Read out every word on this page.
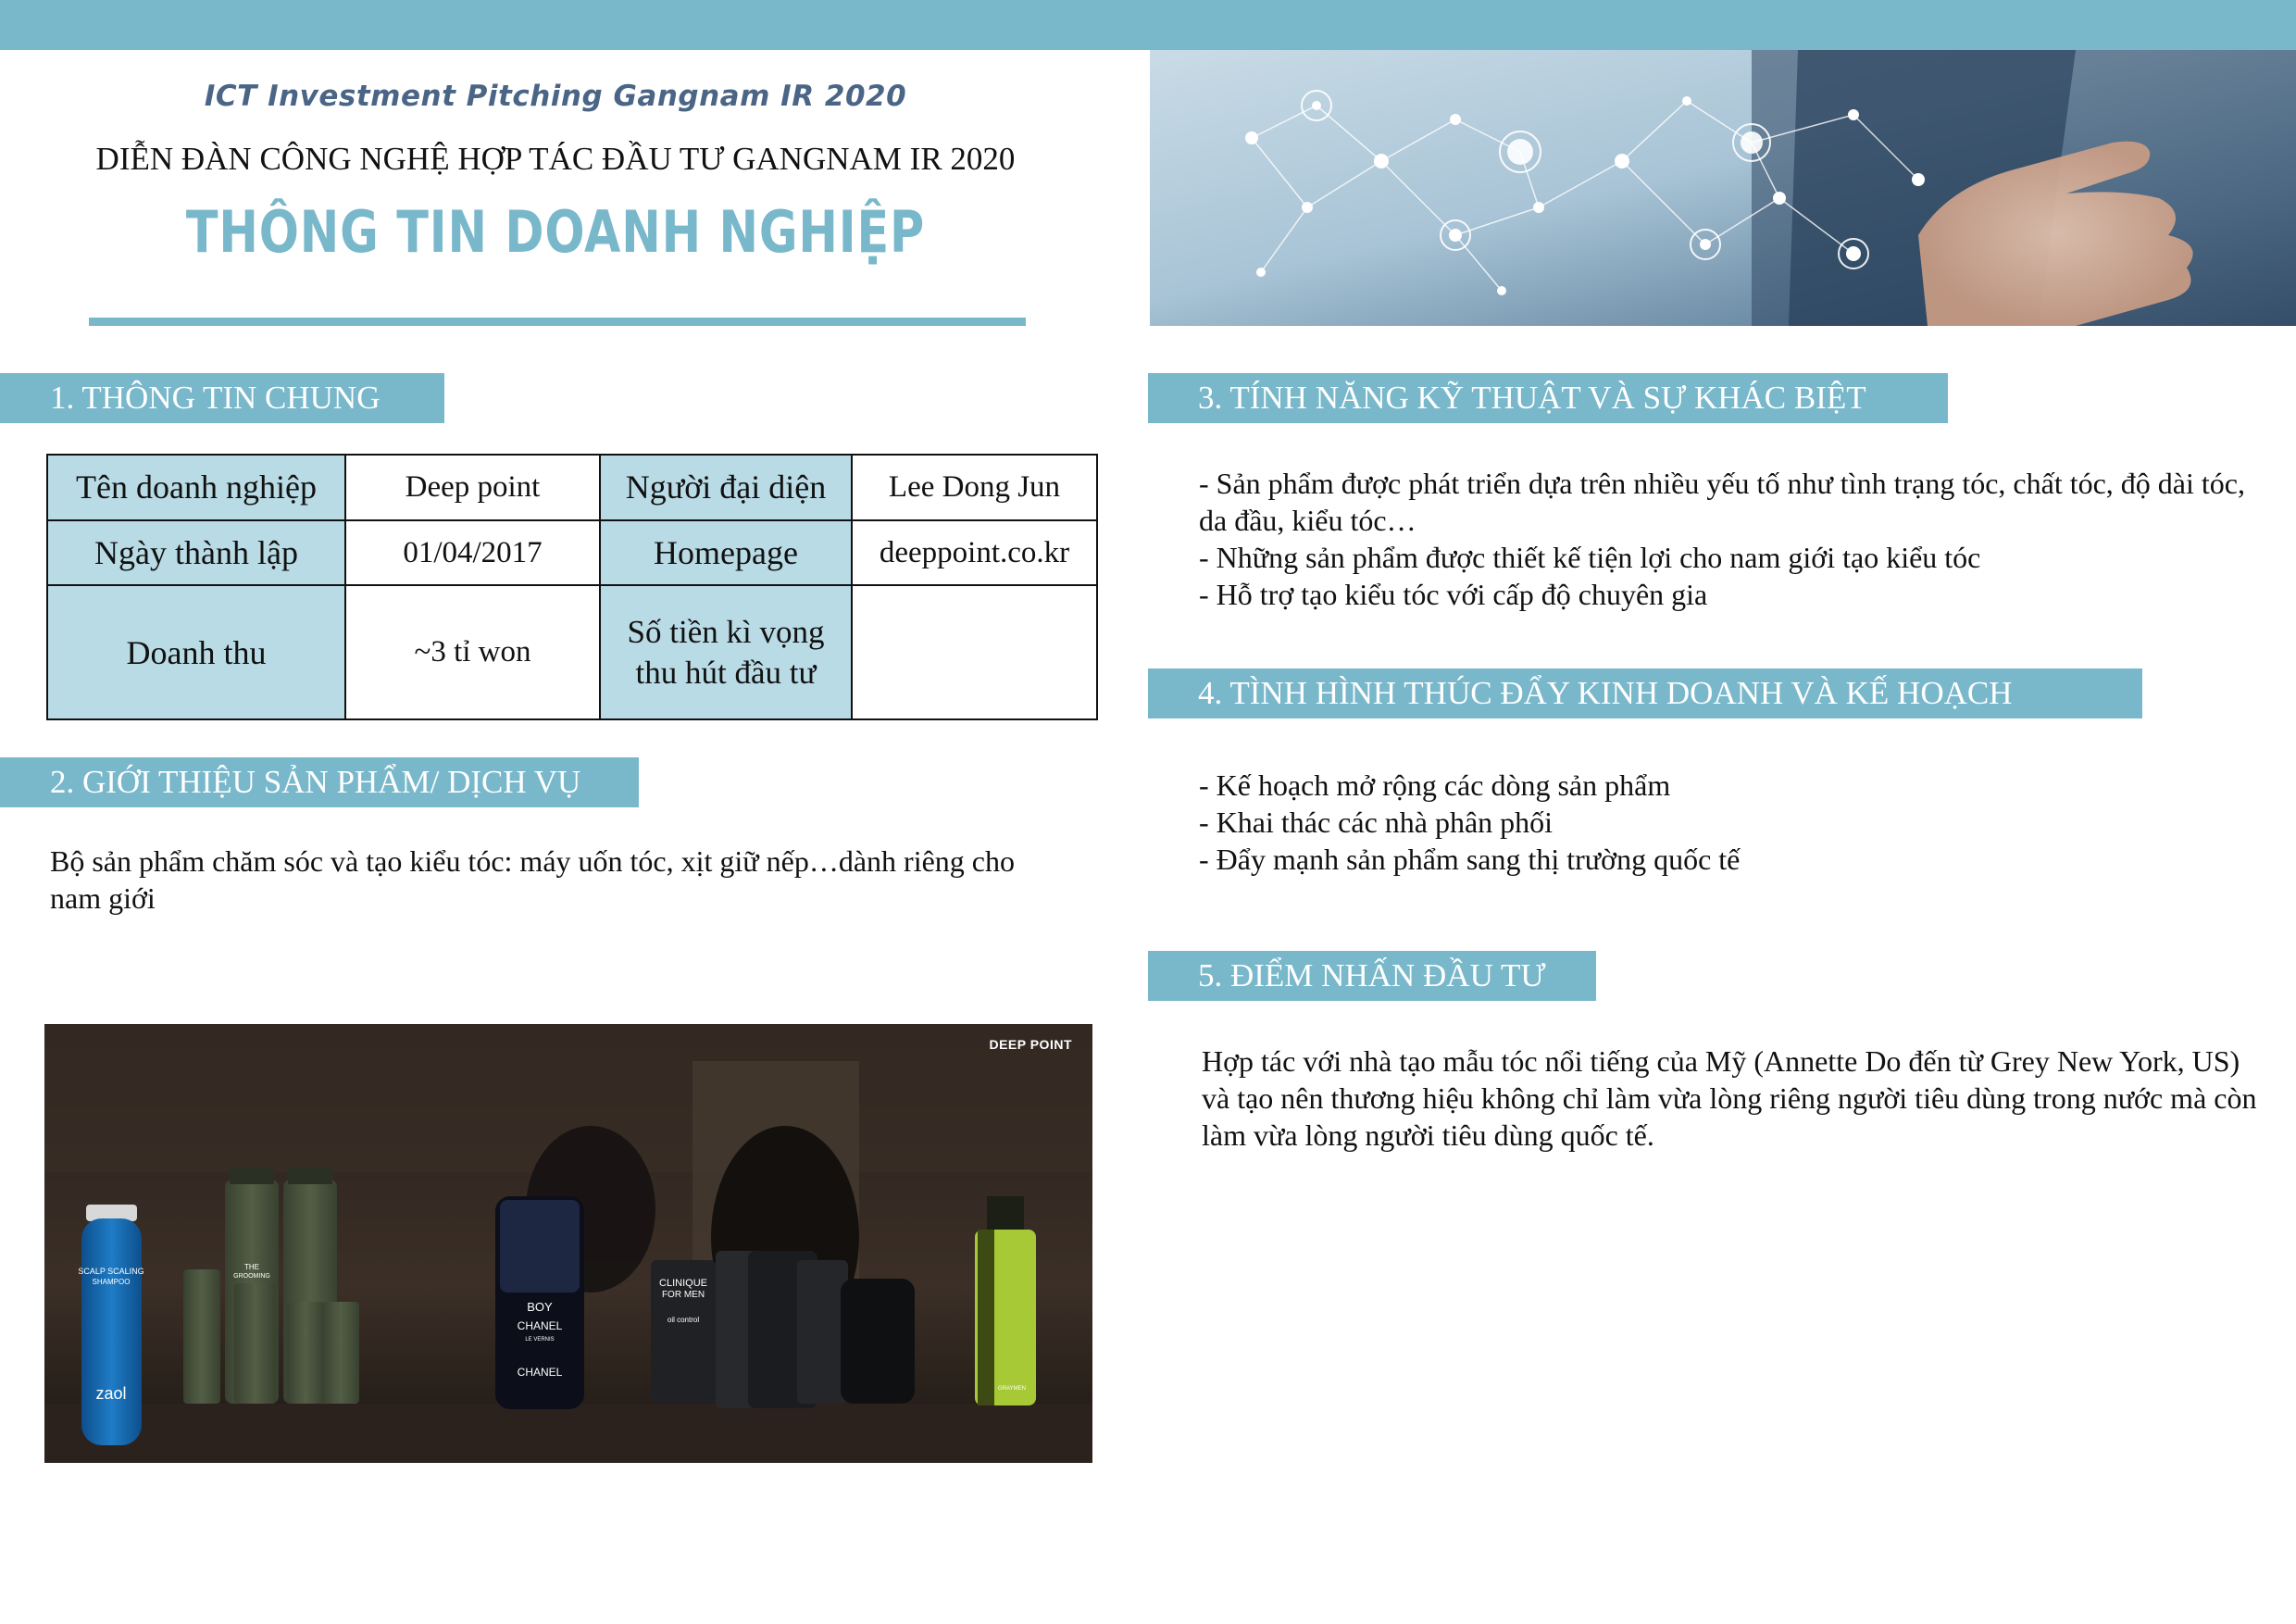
ICT Investment Pitching Gangnam IR 2020
DIỄN ĐÀN CÔNG NGHỆ HỢP TÁC ĐẦU TƯ GANGNAM IR 2020
THÔNG TIN DOANH NGHIỆP
1. THÔNG TIN CHUNG
Tên doanh nghiệp	Deep point	Người đại diện	Lee Dong Jun
Ngày thành lập	01/04/2017	Homepage	deeppoint.co.kr
Doanh thu	~3 tỉ won	Số tiền kì vọng
thu hút đầu tư	

2. GIỚI THIỆU SẢN PHẨM/ DỊCH VỤ
Bộ sản phẩm chăm sóc và tạo kiểu tóc: máy uốn tóc, xịt giữ nếp…dành riêng cho nam giới
SCALP SCALING
SHAMPOO
zaol
THE
GROOMING
BOY
CHANEL
LE VERNIS
CHANEL
CLINIQUE
FOR MEN
oil control
GRAYMEN
DEEP POINT
3. TÍNH NĂNG KỸ THUẬT VÀ SỰ KHÁC BIỆT
- Sản phẩm được phát triển dựa trên nhiều yếu tố như tình trạng tóc, chất tóc, độ dài tóc, da đầu, kiểu tóc…
- Những sản phẩm được thiết kế tiện lợi cho nam giới tạo kiểu tóc
- Hỗ trợ tạo kiểu tóc với cấp độ chuyên gia
4. TÌNH HÌNH THÚC ĐẨY KINH DOANH VÀ KẾ HOẠCH
- Kế hoạch mở rộng các dòng sản phẩm
- Khai thác các nhà phân phối
- Đẩy mạnh sản phẩm sang thị trường quốc tế
5. ĐIỂM NHẤN ĐẦU TƯ
Hợp tác với nhà tạo mẫu tóc nổi tiếng của Mỹ (Annette Do đến từ Grey New York, US) và tạo nên thương hiệu không chỉ làm vừa lòng riêng người tiêu dùng trong nước mà còn làm vừa lòng người tiêu dùng quốc tế.
